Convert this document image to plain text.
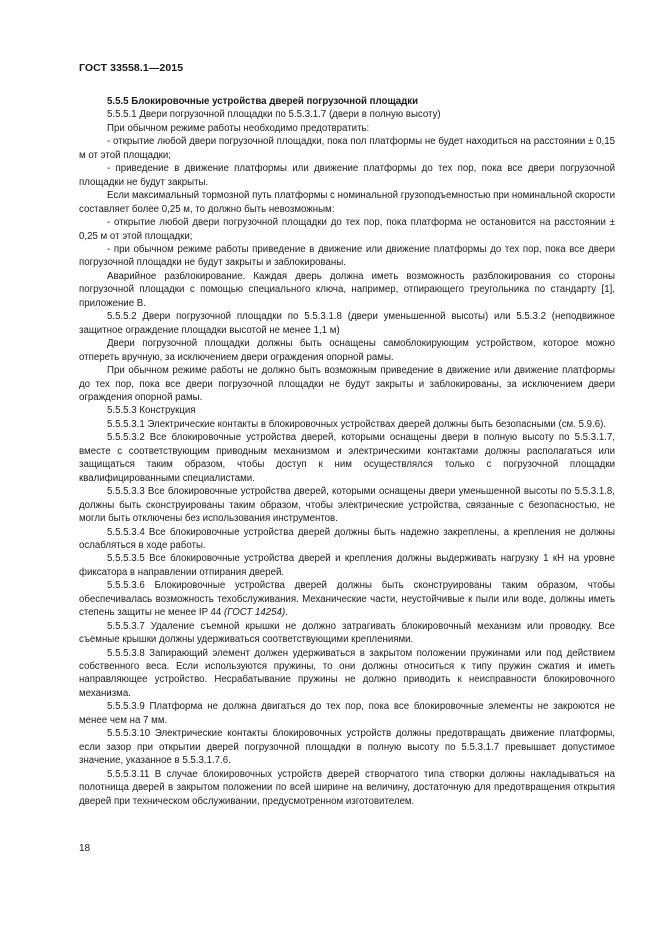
ГОСТ 33558.1—2015

5.5.5 Блокировочные устройства дверей погрузочной площадки

5.5.5.1 Двери погрузочной площадки по 5.5.3.1.7 (двери в полную высоту)

При обычном режиме работы необходимо предотвратить:

- открытие любой двери погрузочной площадки, пока пол платформы не будет находиться на расстоянии ± 0,15 м от этой площадки;

- приведение в движение платформы или движение платформы до тех пор, пока все двери погрузочной площадки не будут закрыты.

Если максимальный тормозной путь платформы с номинальной грузоподъемностью при номинальной скорости составляет более 0,25 м, то должно быть невозможным:

- открытие любой двери погрузочной площадки до тех пор, пока платформа не остановится на расстоянии ± 0,25 м от этой площадки;

- при обычном режиме работы приведение в движение или движение платформы до тех пор, пока все двери погрузочной площадки не будут закрыты и заблокированы.

Аварийное разблокирование. Каждая дверь должна иметь возможность разблокирования со стороны погрузочной площадки с помощью специального ключа, например, отпирающего треугольника по стандарту [1], приложение В.

5.5.5.2 Двери погрузочной площадки по 5.5.3.1.8 (двери уменьшенной высоты) или 5.5.3.2 (неподвижное защитное ограждение площадки высотой не менее 1,1 м)

Двери погрузочной площадки должны быть оснащены самоблокирующим устройством, которое можно отпереть вручную, за исключением двери ограждения опорной рамы.

При обычном режиме работы не должно быть возможным приведение в движение или движение платформы до тех пор, пока все двери погрузочной площадки не будут закрыты и заблокированы, за исключением двери ограждения опорной рамы.

5.5.5.3 Конструкция

5.5.5.3.1 Электрические контакты в блокировочных устройствах дверей должны быть безопасными (см. 5.9.6).

5.5.5.3.2 Все блокировочные устройства дверей, которыми оснащены двери в полную высоту по 5.5.3.1.7, вместе с соответствующим приводным механизмом и электрическими контактами должны располагаться или защищаться таким образом, чтобы доступ к ним осуществлялся только с погрузочной площадки квалифицированными специалистами.

5.5.5.3.3 Все блокировочные устройства дверей, которыми оснащены двери уменьшенной высоты по 5.5.3.1.8, должны быть сконструированы таким образом, чтобы электрические устройства, связанные с безопасностью, не могли быть отключены без использования инструментов.

5.5.5.3.4 Все блокировочные устройства дверей должны быть надежно закреплены, а крепления не должны ослабляться в ходе работы.

5.5.5.3.5 Все блокировочные устройства дверей и крепления должны выдерживать нагрузку 1 кН на уровне фиксатора в направлении отпирания дверей.

5.5.5.3.6 Блокировочные устройства дверей должны быть сконструированы таким образом, чтобы обеспечивалась возможность техобслуживания. Механические части, неустойчивые к пыли или воде, должны иметь степень защиты не менее IP 44 (ГОСТ 14254).

5.5.5.3.7 Удаление съемной крышки не должно затрагивать блокировочный механизм или проводку. Все съемные крышки должны удерживаться соответствующими креплениями.

5.5.5.3.8 Запирающий элемент должен удерживаться в закрытом положении пружинами или под действием собственного веса. Если используются пружины, то они должны относиться к типу пружин сжатия и иметь направляющее устройство. Несрабатывание пружины не должно приводить к неисправности блокировочного механизма.

5.5.5.3.9 Платформа не должна двигаться до тех пор, пока все блокировочные элементы не закроются не менее чем на 7 мм.

5.5.5.3.10 Электрические контакты блокировочных устройств должны предотвращать движение платформы, если зазор при открытии дверей погрузочной площадки в полную высоту по 5.5.3.1.7 превышает допустимое значение, указанное в 5.5.3.1.7.6.

5.5.5.3.11 В случае блокировочных устройств дверей створчатого типа створки должны накладываться на полотнища дверей в закрытом положении по всей ширине на величину, достаточную для предотвращения открытия дверей при техническом обслуживании, предусмотренном изготовителем.

18
